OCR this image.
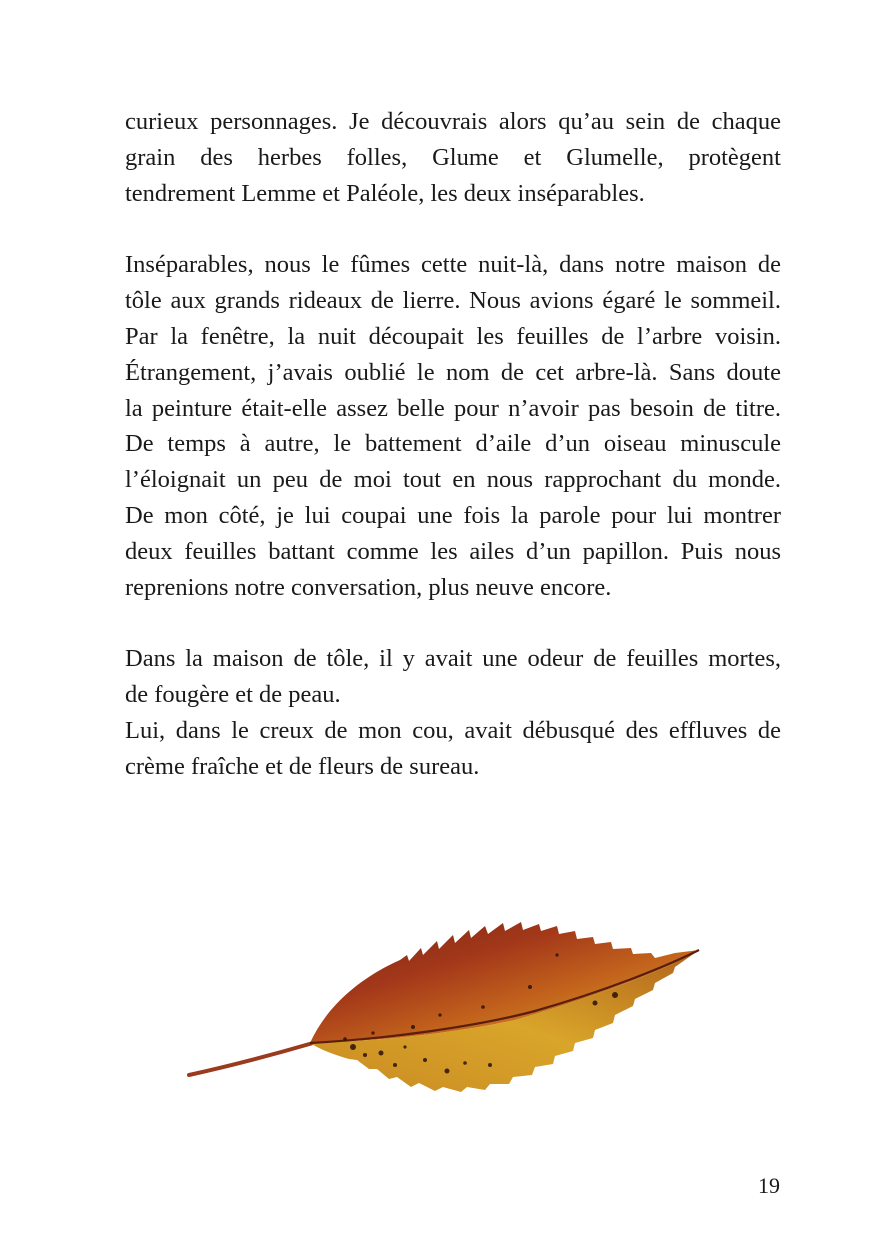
curieux personnages. Je découvrais alors qu’au sein de chaque
grain des herbes folles, Glume et Glumelle, protègent
tendrement Lemme et Paléole, les deux inséparables.

Inséparables, nous le fûmes cette nuit-là, dans notre maison de
tôle aux grands rideaux de lierre. Nous avions égaré le sommeil.
Par la fenêtre, la nuit découpait les feuilles de l’arbre voisin.
Étrangement, j’avais oublié le nom de cet arbre-là. Sans doute
la peinture était-elle assez belle pour n’avoir pas besoin de titre.
De temps à autre, le battement d’aile d’un oiseau minuscule
l’éloignait un peu de moi tout en nous rapprochant du monde.
De mon côté, je lui coupai une fois la parole pour lui montrer
deux feuilles battant comme les ailes d’un papillon. Puis nous
reprenions notre conversation, plus neuve encore.

Dans la maison de tôle, il y avait une odeur de feuilles mortes,
de fougère et de peau.

Lui, dans le creux de mon cou, avait débusqué des effluves de
crème fraîche et de fleurs de sureau.

19
